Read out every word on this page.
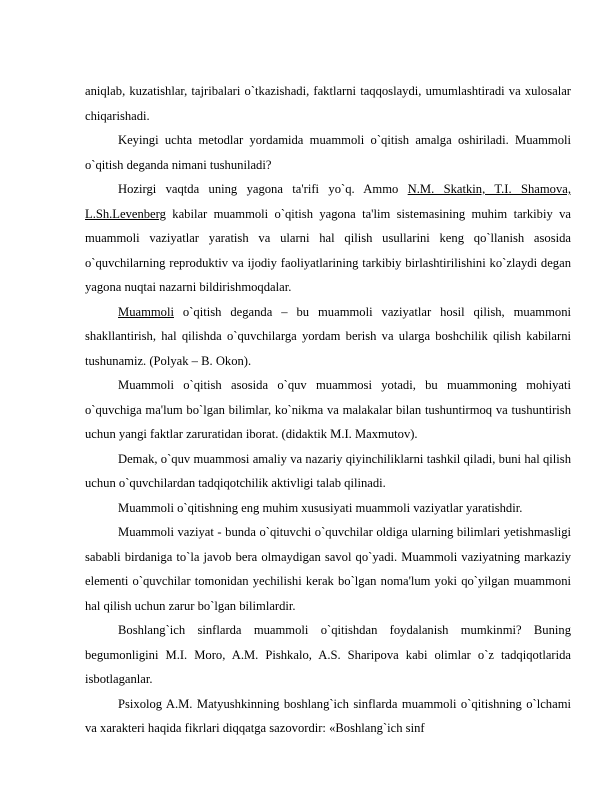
aniqlab, kuzatishlar, tajribalari o`tkazishadi, faktlarni taqqoslaydi, umumlashtiradi va xulosalar chiqarishadi.

Keyingi uchta metodlar yordamida muammoli o`qitish amalga oshiriladi. Muammoli o`qitish deganda nimani tushuniladi?

Hozirgi vaqtda uning yagona ta'rifi yo`q. Ammo N.M. Skatkin, T.I. Shamova, L.Sh.Levenberg kabilar muammoli o`qitish yagona ta'lim sistemasining muhim tarkibiy va muammoli vaziyatlar yaratish va ularni hal qilish usullarini keng qo`llanish asosida o`quvchilarning reproduktiv va ijodiy faoliyatlarining tarkibiy birlashtirilishini ko`zlaydi degan yagona nuqtai nazarni bildirishmoqdalar.

Muammoli o`qitish deganda – bu muammoli vaziyatlar hosil qilish, muammoni shakllantirish, hal qilishda o`quvchilarga yordam berish va ularga boshchilik qilish kabilarni tushunamiz. (Polyak – B. Okon).

Muammoli o`qitish asosida o`quv muammosi yotadi, bu muammoning mohiyati o`quvchiga ma'lum bo`lgan bilimlar, ko`nikma va malakalar bilan tushuntirmoq va tushuntirish uchun yangi faktlar zaruratidan iborat. (didaktik M.I. Maxmutov).

Demak, o`quv muammosi amaliy va nazariy qiyinchiliklarni tashkil qiladi, buni hal qilish uchun o`quvchilardan tadqiqotchilik aktivligi talab qilinadi.

Muammoli o`qitishning eng muhim xususiyati muammoli vaziyatlar yaratishdir.

Muammoli vaziyat - bunda o`qituvchi o`quvchilar oldiga ularning bilimlari yetishmasligi sababli birdaniga to`la javob bera olmaydigan savol qo`yadi. Muammoli vaziyatning markaziy elementi o`quvchilar tomonidan yechilishi kerak bo`lgan noma'lum yoki qo`yilgan muammoni hal qilish uchun zarur bo`lgan bilimlardir.

Boshlang`ich sinflarda muammoli o`qitishdan foydalanish mumkinmi? Buning begumonligini M.I. Moro, A.M. Pishkalo, A.S. Sharipova kabi olimlar o`z tadqiqotlarida isbotlaganlar.

Psixolog A.M. Matyushkinning boshlang`ich sinflarda muammoli o`qitishning o`lchami va xarakteri haqida fikrlari diqqatga sazovordir: «Boshlang`ich sinf
